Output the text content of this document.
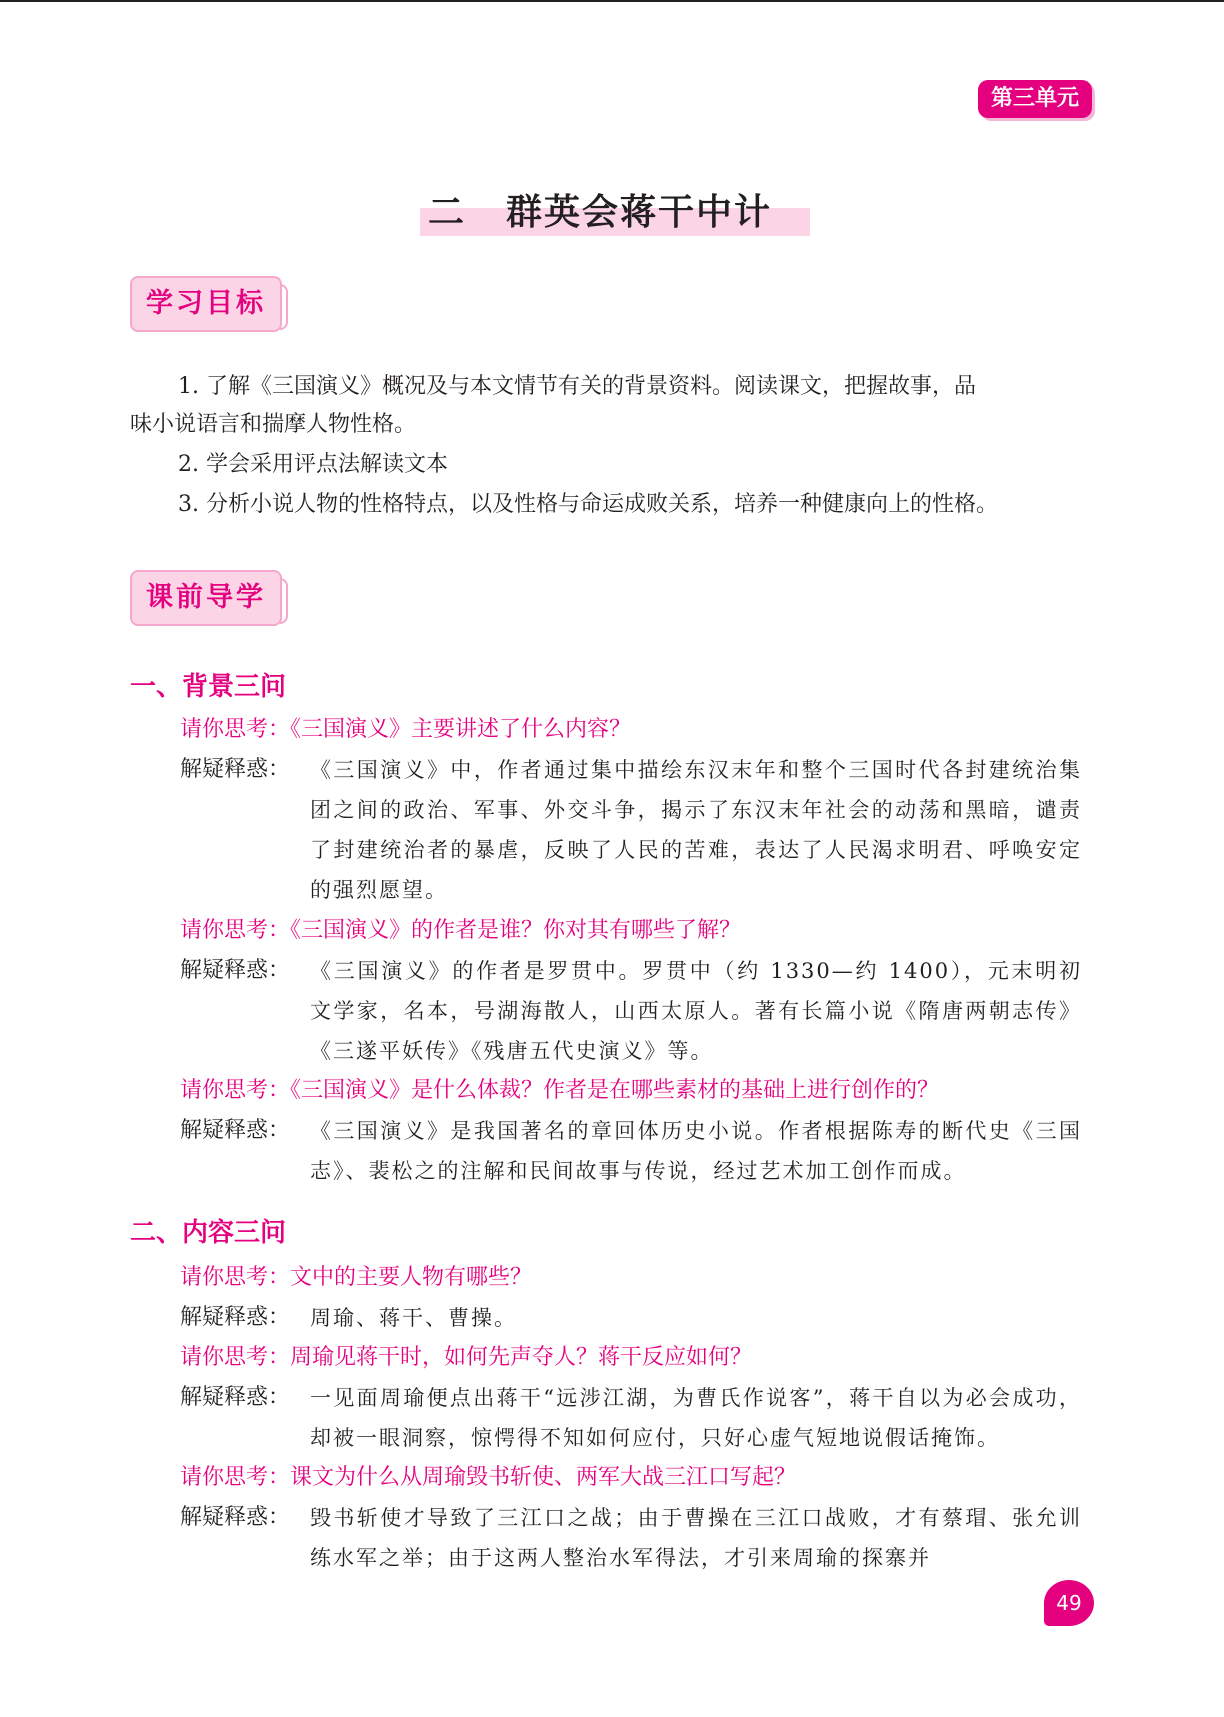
第三单元
二 群英会蒋干中计
学习目标
1. 了解《三国演义》概况及与本文情节有关的背景资料。阅读课文，把握故事，品
味小说语言和揣摩人物性格。
2. 学会采用评点法解读文本
3. 分析小说人物的性格特点，以及性格与命运成败关系，培养一种健康向上的性格。
课前导学
一、背景三问
请你思考：《三国演义》主要讲述了什么内容？
解疑释惑： 《三国演义》中，作者通过集中描绘东汉末年和整个三国时代各封建统治集团之间的政治、军事、外交斗争，揭示了东汉末年社会的动荡和黑暗，谴责了封建统治者的暴虐，反映了人民的苦难，表达了人民渴求明君、呼唤安定的强烈愿望。
请你思考：《三国演义》的作者是谁？你对其有哪些了解？
解疑释惑： 《三国演义》的作者是罗贯中。罗贯中（约 1330—约 1400），元末明初文学家，名本，号湖海散人，山西太原人。著有长篇小说《隋唐两朝志传》《三遂平妖传》《残唐五代史演义》等。
请你思考：《三国演义》是什么体裁？作者是在哪些素材的基础上进行创作的？
解疑释惑： 《三国演义》是我国著名的章回体历史小说。作者根据陈寿的断代史《三国志》、裴松之的注解和民间故事与传说，经过艺术加工创作而成。
二、内容三问
请你思考：文中的主要人物有哪些？
解疑释惑： 周瑜、蒋干、曹操。
请你思考：周瑜见蒋干时，如何先声夺人？蒋干反应如何？
解疑释惑： 一见面周瑜便点出蒋干“远涉江湖，为曹氏作说客”，蒋干自以为必会成功，却被一眼洞察，惊愕得不知如何应付，只好心虚气短地说假话掩饰。
请你思考：课文为什么从周瑜毁书斩使、两军大战三江口写起？
解疑释惑： 毁书斩使才导致了三江口之战；由于曹操在三江口战败，才有蔡瑁、张允训练水军之举；由于这两人整治水军得法，才引来周瑜的探寨并
49
